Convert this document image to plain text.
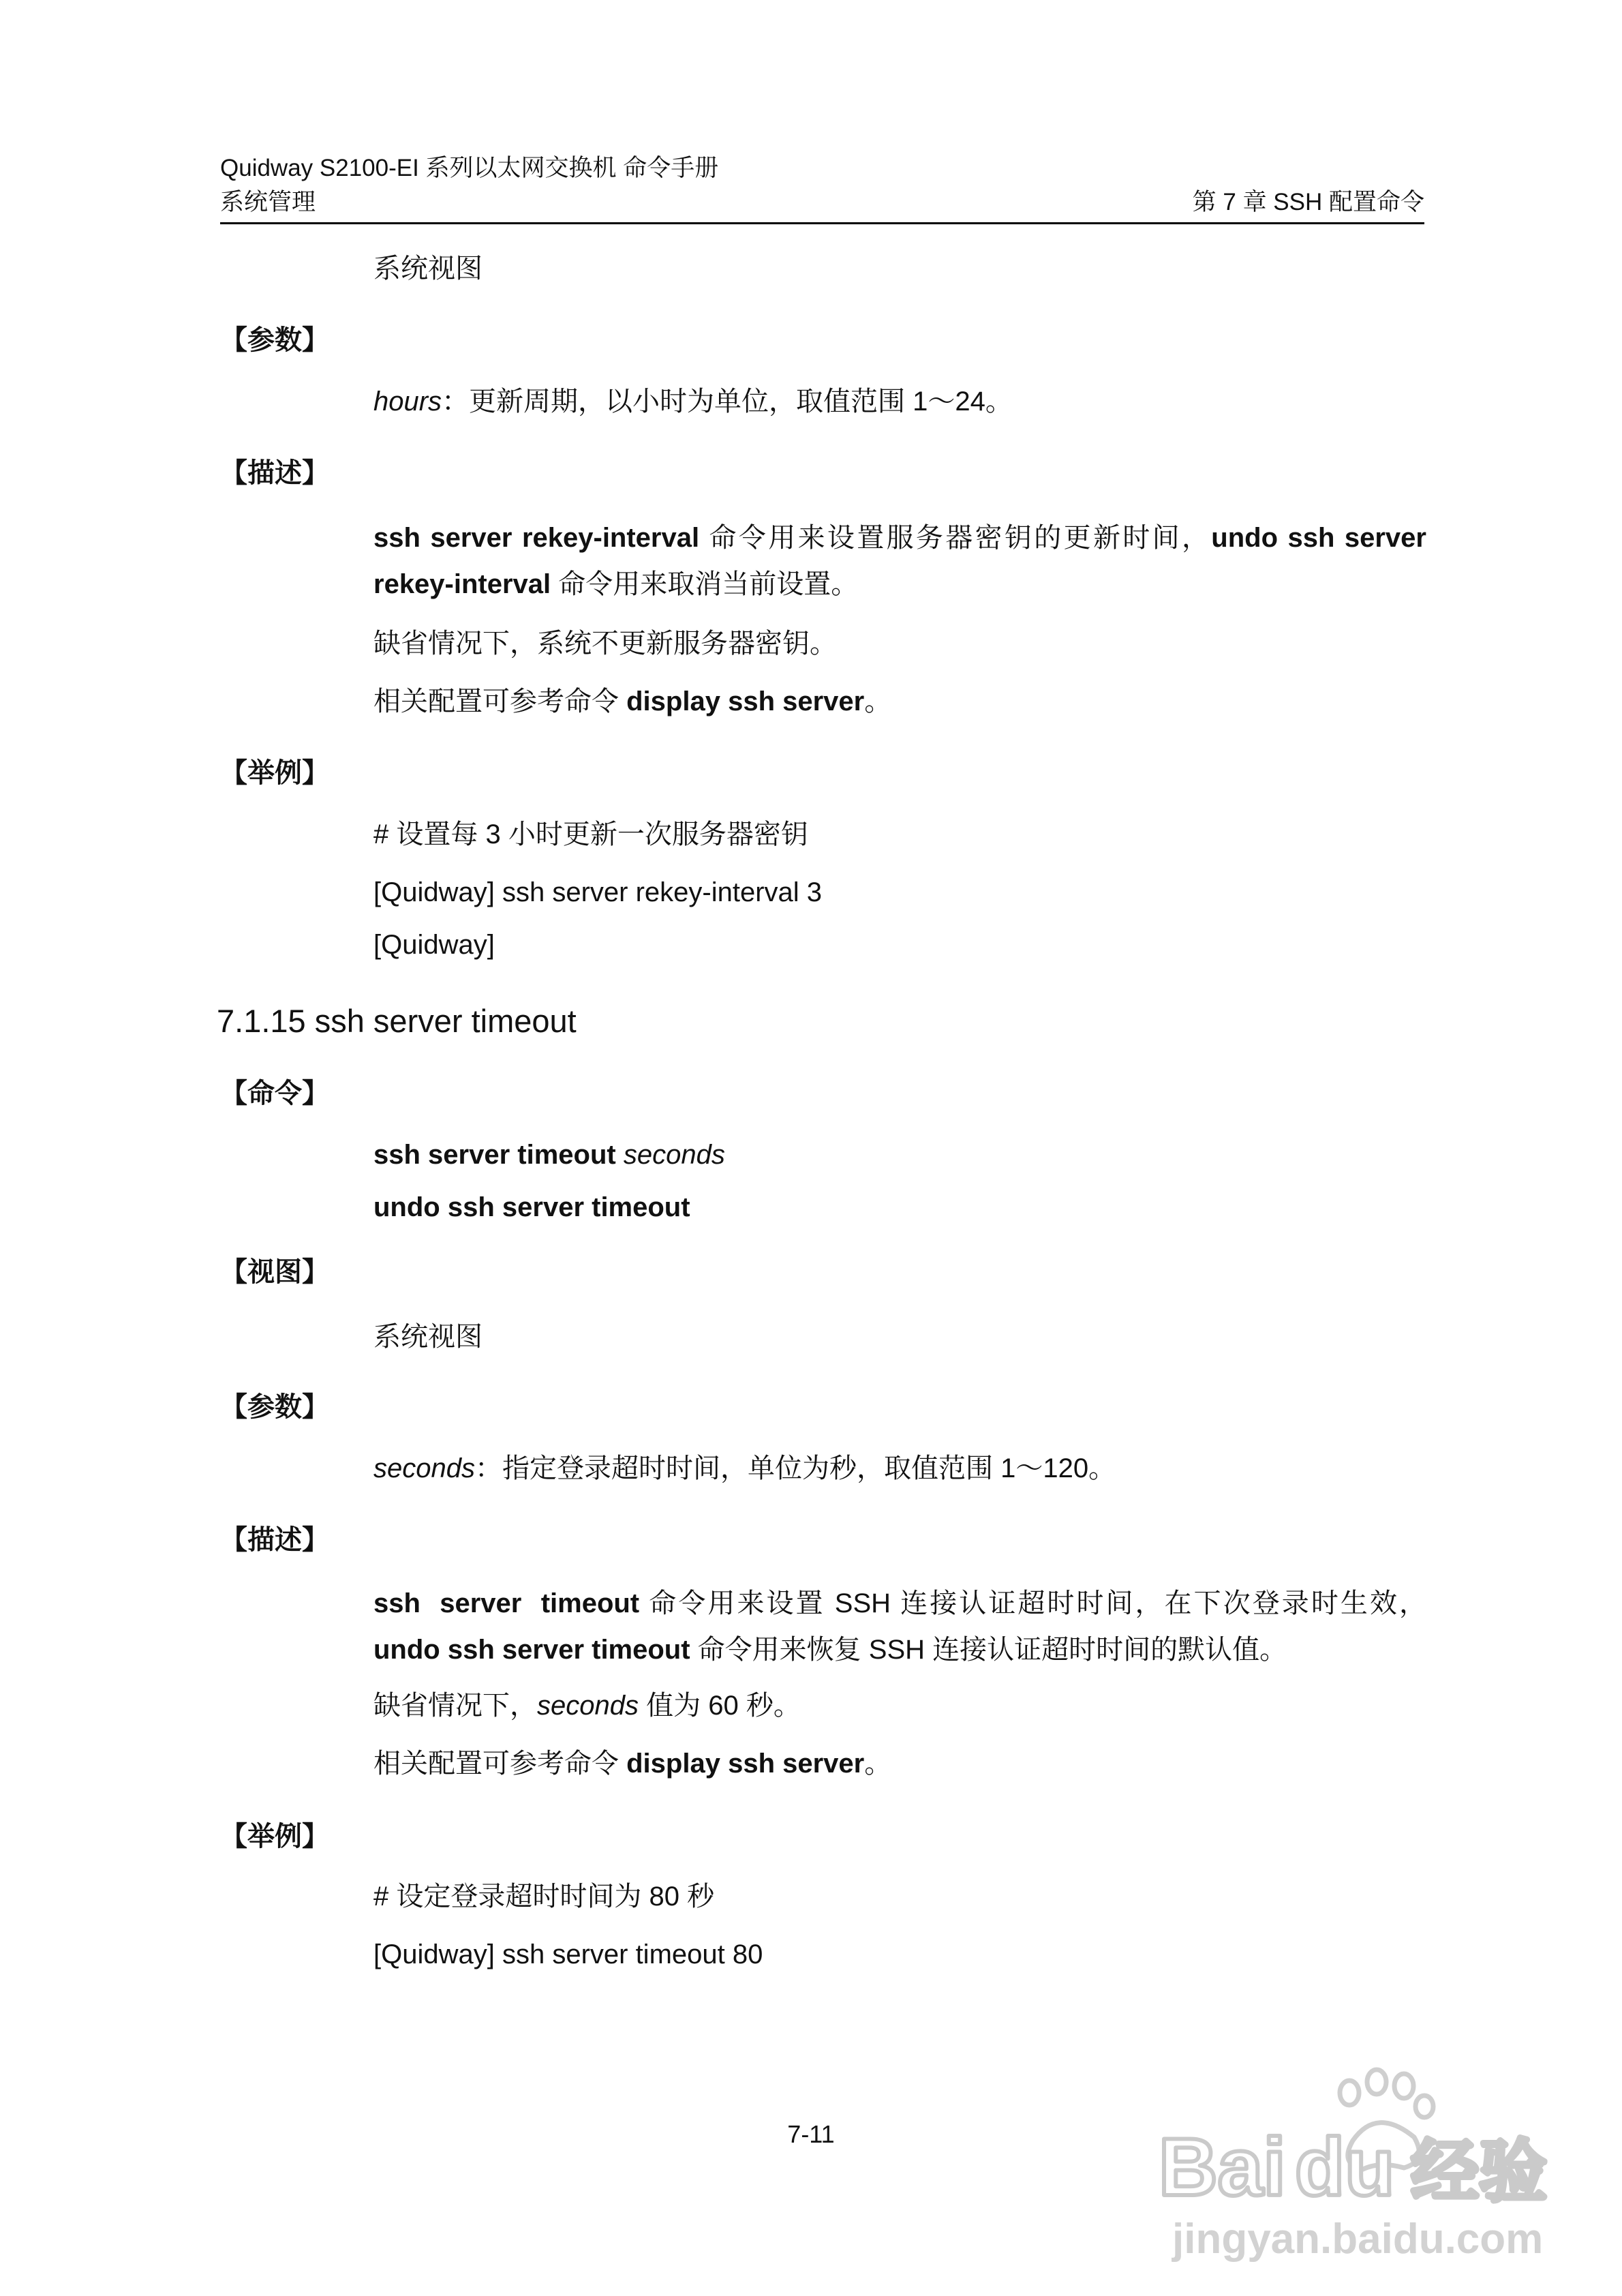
Quidway S2100-EI 系列以太网交换机 命令手册
系统管理	第 7 章 SSH 配置命令
系统视图
【参数】
hours：更新周期，以小时为单位，取值范围 1～24。
【描述】
ssh server rekey-interval 命令用来设置服务器密钥的更新时间，undo ssh server rekey-interval 命令用来取消当前设置。
缺省情况下，系统不更新服务器密钥。
相关配置可参考命令 display ssh server。
【举例】
# 设置每 3 小时更新一次服务器密钥
[Quidway] ssh server rekey-interval 3
[Quidway]
7.1.15 ssh server timeout
【命令】
ssh server timeout seconds
undo ssh server timeout
【视图】
系统视图
【参数】
seconds：指定登录超时时间，单位为秒，取值范围 1～120。
【描述】
ssh  server  timeout 命令用来设置 SSH 连接认证超时时间，在下次登录时生效，undo ssh server timeout 命令用来恢复 SSH 连接认证超时时间的默认值。
缺省情况下，seconds 值为 60 秒。
相关配置可参考命令 display ssh server。
【举例】
# 设定登录超时时间为 80 秒
[Quidway] ssh server timeout 80
7-11	Bai du 经验
jingyan.baidu.com
